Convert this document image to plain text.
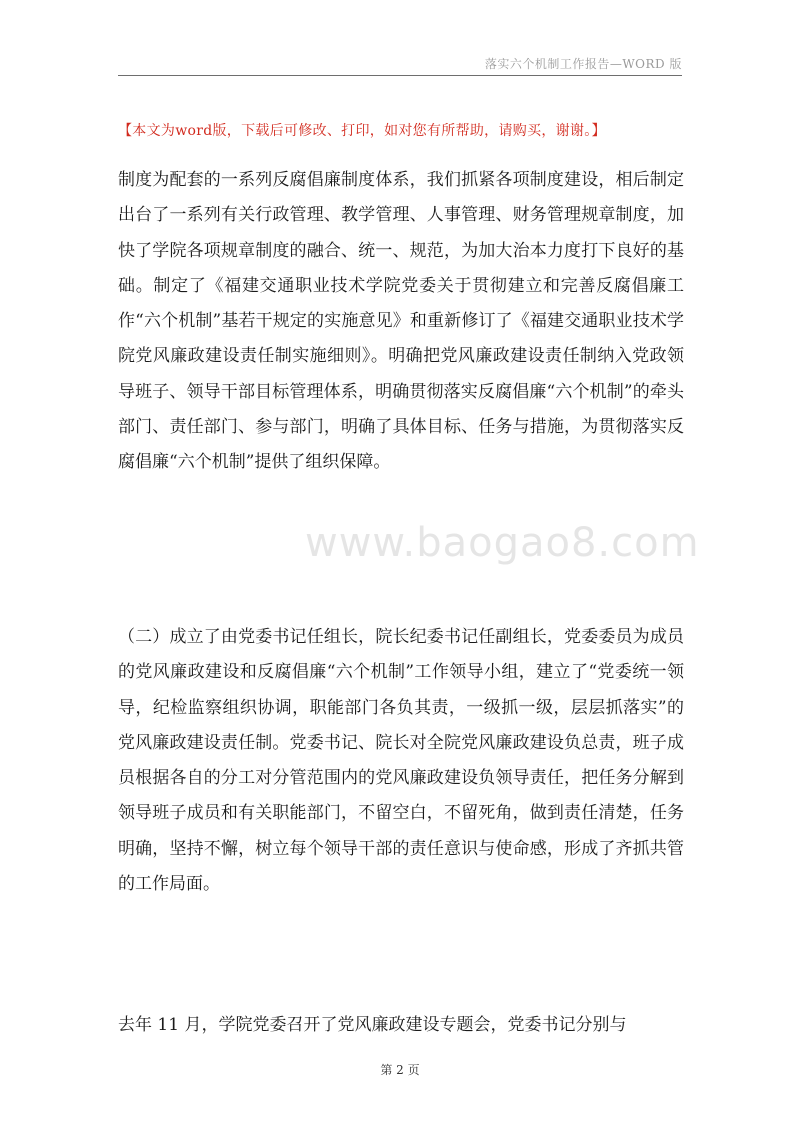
落实六个机制工作报告—WORD 版
【本文为word版，下载后可修改、打印，如对您有所帮助，请购买，谢谢。】

制度为配套的一系列反腐倡廉制度体系，我们抓紧各项制度建设，相后制定出台了一系列有关行政管理、教学管理、人事管理、财务管理规章制度，加快了学院各项规章制度的融合、统一、规范，为加大治本力度打下良好的基础。制定了《福建交通职业技术学院党委关于贯彻建立和完善反腐倡廉工作“六个机制”基若干规定的实施意见》和重新修订了《福建交通职业技术学院党风廉政建设责任制实施细则》。明确把党风廉政建设责任制纳入党政领导班子、领导干部目标管理体系，明确贯彻落实反腐倡廉“六个机制”的牵头部门、责任部门、参与部门，明确了具体目标、任务与措施，为贯彻落实反腐倡廉“六个机制”提供了组织保障。

www.baogao8.com

（二）成立了由党委书记任组长，院长纪委书记任副组长，党委委员为成员的党风廉政建设和反腐倡廉“六个机制”工作领导小组，建立了“党委统一领导，纪检监察组织协调，职能部门各负其责，一级抓一级，层层抓落实”的党风廉政建设责任制。党委书记、院长对全院党风廉政建设负总责，班子成员根据各自的分工对分管范围内的党风廉政建设负领导责任，把任务分解到领导班子成员和有关职能部门，不留空白，不留死角，做到责任清楚，任务明确，坚持不懈，树立每个领导干部的责任意识与使命感，形成了齐抓共管的工作局面。

去年 11 月，学院党委召开了党风廉政建设专题会，党委书记分别与

第 2 页
